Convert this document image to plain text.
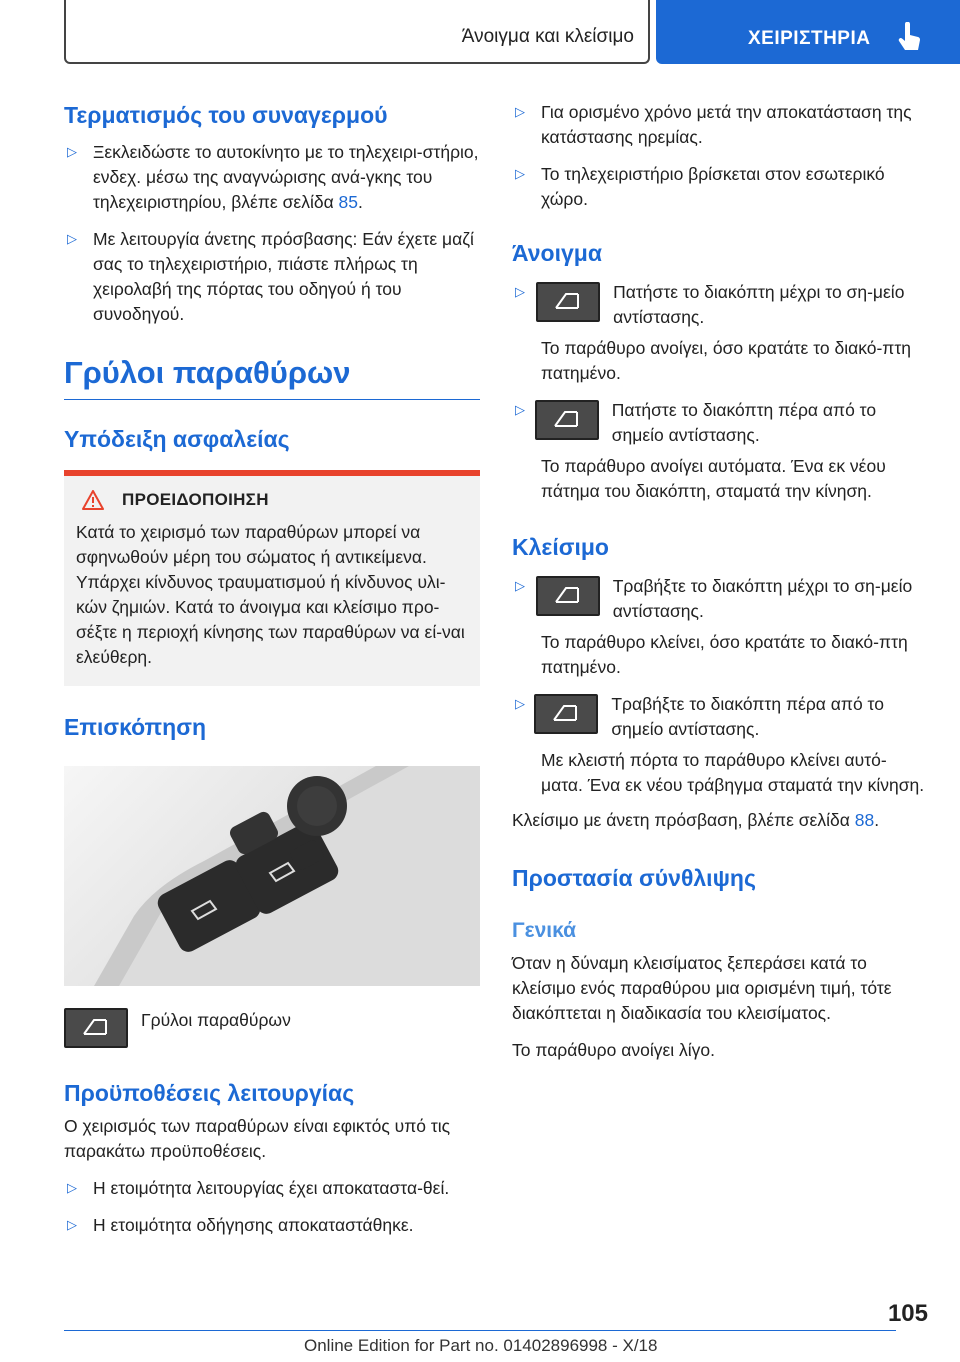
Άνοιγμα και κλείσιμο	ΧΕΙΡΙΣΤΗΡΙΑ
Τερματισμός του συναγερμού
▷ Ξεκλειδώστε το αυτοκίνητο με το τηλεχειρι-στήριο, ενδεχ. μέσω της αναγνώρισης ανά-γκης του τηλεχειριστηρίου, βλέπε σελίδα 85.
▷ Με λειτουργία άνετης πρόσβασης: Εάν έχετε μαζί σας το τηλεχειριστήριο, πιάστε πλήρως τη χειρολαβή της πόρτας του οδηγού ή του συνοδηγού.
Γρύλοι παραθύρων
Υπόδειξη ασφαλείας
ΠΡΟΕΙΔΟΠΟΙΗΣΗ

Κατά το χειρισμό των παραθύρων μπορεί να σφηνωθούν μέρη του σώματος ή αντικείμενα. Υπάρχει κίνδυνος τραυματισμού ή κίνδυνος υλι-κών ζημιών. Κατά το άνοιγμα και κλείσιμο προ-σέξτε η περιοχή κίνησης των παραθύρων να εί-ναι ελεύθερη.

Επισκόπηση

Γρύλοι παραθύρων

Προϋποθέσεις λειτουργίας

Ο χειρισμός των παραθύρων είναι εφικτός υπό τις παρακάτω προϋποθέσεις.

▷ Η ετοιμότητα λειτουργίας έχει αποκαταστα-θεί.
▷ Η ετοιμότητα οδήγησης αποκαταστάθηκε.
▷ Για ορισμένο χρόνο μετά την αποκατάσταση της κατάστασης ηρεμίας.
▷ Το τηλεχειριστήριο βρίσκεται στον εσωτερικό χώρο.
Άνοιγμα
▷	Πατήστε το διακόπτη μέχρι το ση-μείο αντίστασης.

Το παράθυρο ανοίγει, όσο κρατάτε το διακό-πτη πατημένο.

▷	Πατήστε το διακόπτη πέρα από το σημείο αντίστασης.

Το παράθυρο ανοίγει αυτόματα. Ένα εκ νέου πάτημα του διακόπτη, σταματά την κίνηση.

Κλείσιμο
▷	Τραβήξτε το διακόπτη μέχρι το ση-μείο αντίστασης.

Το παράθυρο κλείνει, όσο κρατάτε το διακό-πτη πατημένο.

▷	Τραβήξτε το διακόπτη πέρα από το σημείο αντίστασης.

Με κλειστή πόρτα το παράθυρο κλείνει αυτό-ματα. Ένα εκ νέου τράβηγμα σταματά την κίνηση.

Κλείσιμο με άνετη πρόσβαση, βλέπε σελίδα 88.

Προστασία σύνθλιψης
Γενικά

Όταν η δύναμη κλεισίματος ξεπεράσει κατά το κλείσιμο ενός παραθύρου μια ορισμένη τιμή, τότε διακόπτεται η διαδικασία του κλεισίματος.

Το παράθυρο ανοίγει λίγο.

105
Online Edition for Part no. 01402896998 - X/18
